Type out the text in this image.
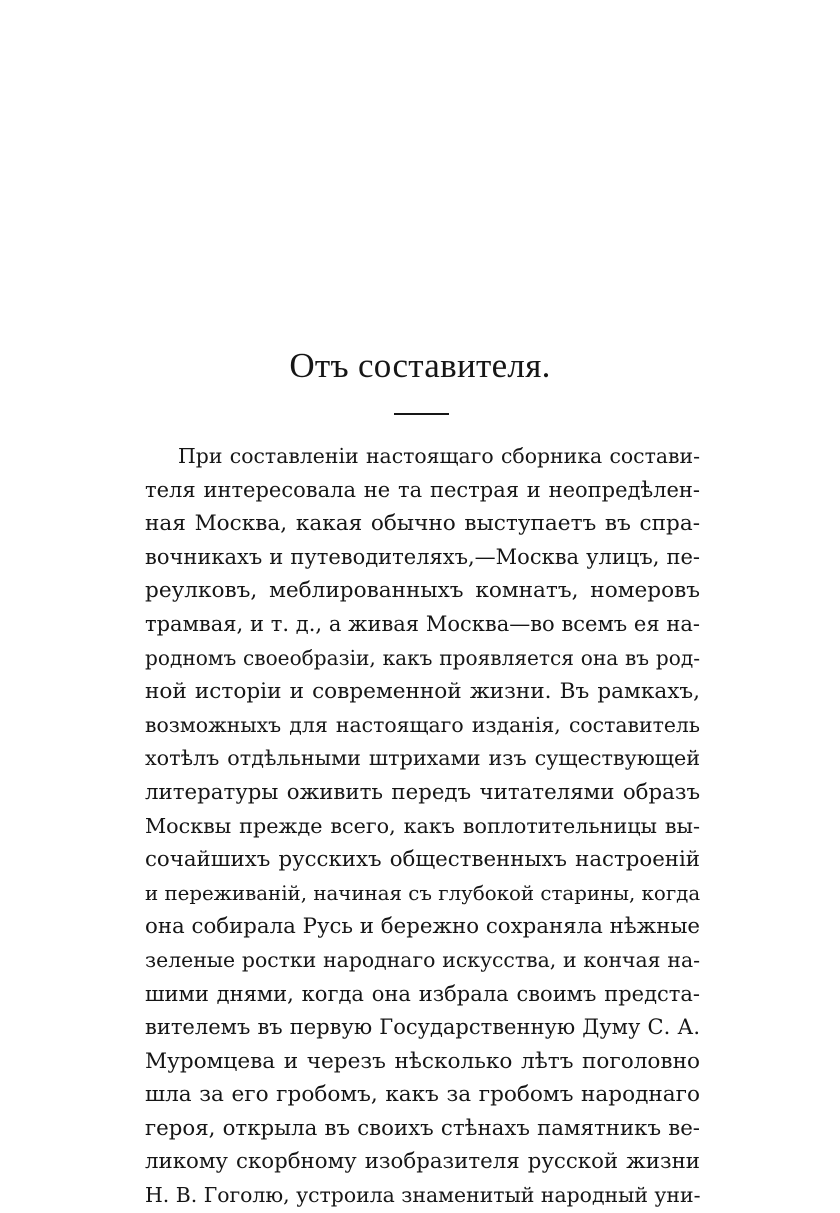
Отъ составителя.
При составленіи настоящаго сборника состави-
теля интересовала не та пестрая и неопредѣлен-
ная Москва, какая обычно выступаетъ въ спра-
вочникахъ и путеводителяхъ,—Москва улицъ, пе-
реулковъ, меблированныхъ комнатъ, номеровъ
трамвая, и т. д., а живая Москва—во всемъ ея на-
родномъ своеобразіи, какъ проявляется она въ род-
ной исторіи и современной жизни. Въ рамкахъ,
возможныхъ для настоящаго изданія, составитель
хотѣлъ отдѣльными штрихами изъ существующей
литературы оживить передъ читателями образъ
Москвы прежде всего, какъ воплотительницы вы-
сочайшихъ русскихъ общественныхъ настроеній
и переживаній, начиная съ глубокой старины, когда
она собирала Русь и бережно сохраняла нѣжные
зеленые ростки народнаго искусства, и кончая на-
шими днями, когда она избрала своимъ предста-
вителемъ въ первую Государственную Думу С. А.
Муромцева и черезъ нѣсколько лѣтъ поголовно
шла за его гробомъ, какъ за гробомъ народнаго
героя, открыла въ своихъ стѣнахъ памятникъ ве-
ликому скорбному изобразителя русской жизни
Н. В. Гоголю, устроила знаменитый народный уни-
